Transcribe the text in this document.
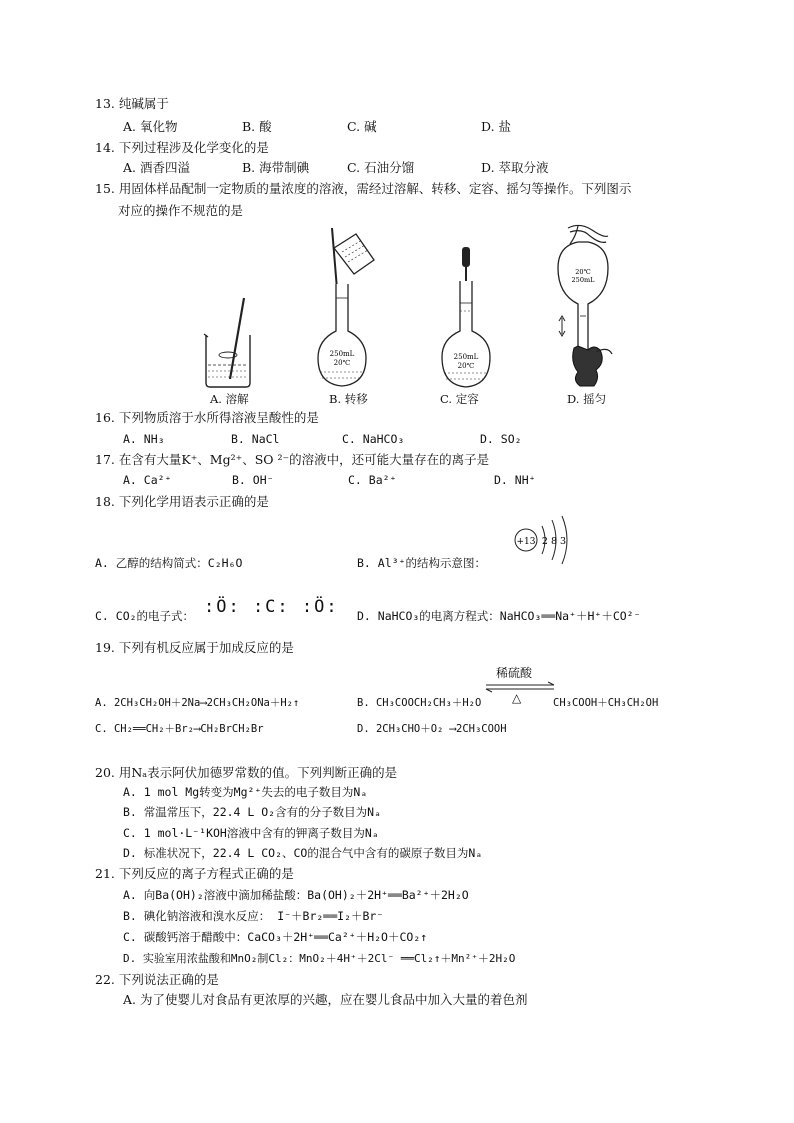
13. 纯碱属于
A. 氧化物	B. 酸	C. 碱	D. 盐
14. 下列过程涉及化学变化的是
A. 酒香四溢	B. 海带制碘	C. 石油分馏	D. 萃取分液
15. 用固体样品配制一定物质的量浓度的溶液，需经过溶解、转移、定容、摇匀等操作。下列图示
对应的操作不规范的是
A. 溶解
250mL
20℃
B. 转移
250mL
20℃
C. 定容
20℃
250mL
D. 摇匀
16. 下列物质溶于水所得溶液呈酸性的是
A. NH₃	B. NaCl	C. NaHCO₃	D. SO₂
17. 在含有大量K⁺、Mg²⁺、SO ²⁻的溶液中，还可能大量存在的离子是
A. Ca²⁺	B. OH⁻	C. Ba²⁺	D. NH⁺
18. 下列化学用语表示正确的是
A. 乙醇的结构简式：C₂H₆O	B. Al³⁺的结构示意图：
+13 2 8 3
C. CO₂的电子式： :Ö: :C: :Ö: D. NaHCO₃的电离方程式：NaHCO₃══Na⁺＋H⁺＋CO²⁻
19. 下列有机反应属于加成反应的是
A. 2CH₃CH₂OH＋2Na⟶2CH₃CH₂ONa＋H₂↑	B. CH₃COOCH₂CH₃＋H₂O
稀硫酸
△	CH₃COOH＋CH₃CH₂OH
C. CH₂══CH₂＋Br₂⟶CH₂BrCH₂Br	D. 2CH₃CHO＋O₂ ⟶2CH₃COOH
20. 用Nₐ表示阿伏加德罗常数的值。下列判断正确的是
A. 1 mol Mg转变为Mg²⁺失去的电子数目为Nₐ
B. 常温常压下，22.4 L O₂含有的分子数目为Nₐ
C. 1 mol·L⁻¹KOH溶液中含有的钾离子数目为Nₐ
D. 标准状况下，22.4 L CO₂、CO的混合气中含有的碳原子数目为Nₐ
21. 下列反应的离子方程式正确的是
A. 向Ba(OH)₂溶液中滴加稀盐酸：Ba(OH)₂＋2H⁺══Ba²⁺＋2H₂O
B. 碘化钠溶液和溴水反应： I⁻＋Br₂══I₂＋Br⁻
C. 碳酸钙溶于醋酸中：CaCO₃＋2H⁺══Ca²⁺＋H₂O＋CO₂↑
D. 实验室用浓盐酸和MnO₂制Cl₂：MnO₂＋4H⁺＋2Cl⁻ ══Cl₂↑＋Mn²⁺＋2H₂O
22. 下列说法正确的是
A. 为了使婴儿对食品有更浓厚的兴趣，应在婴儿食品中加入大量的着色剂
